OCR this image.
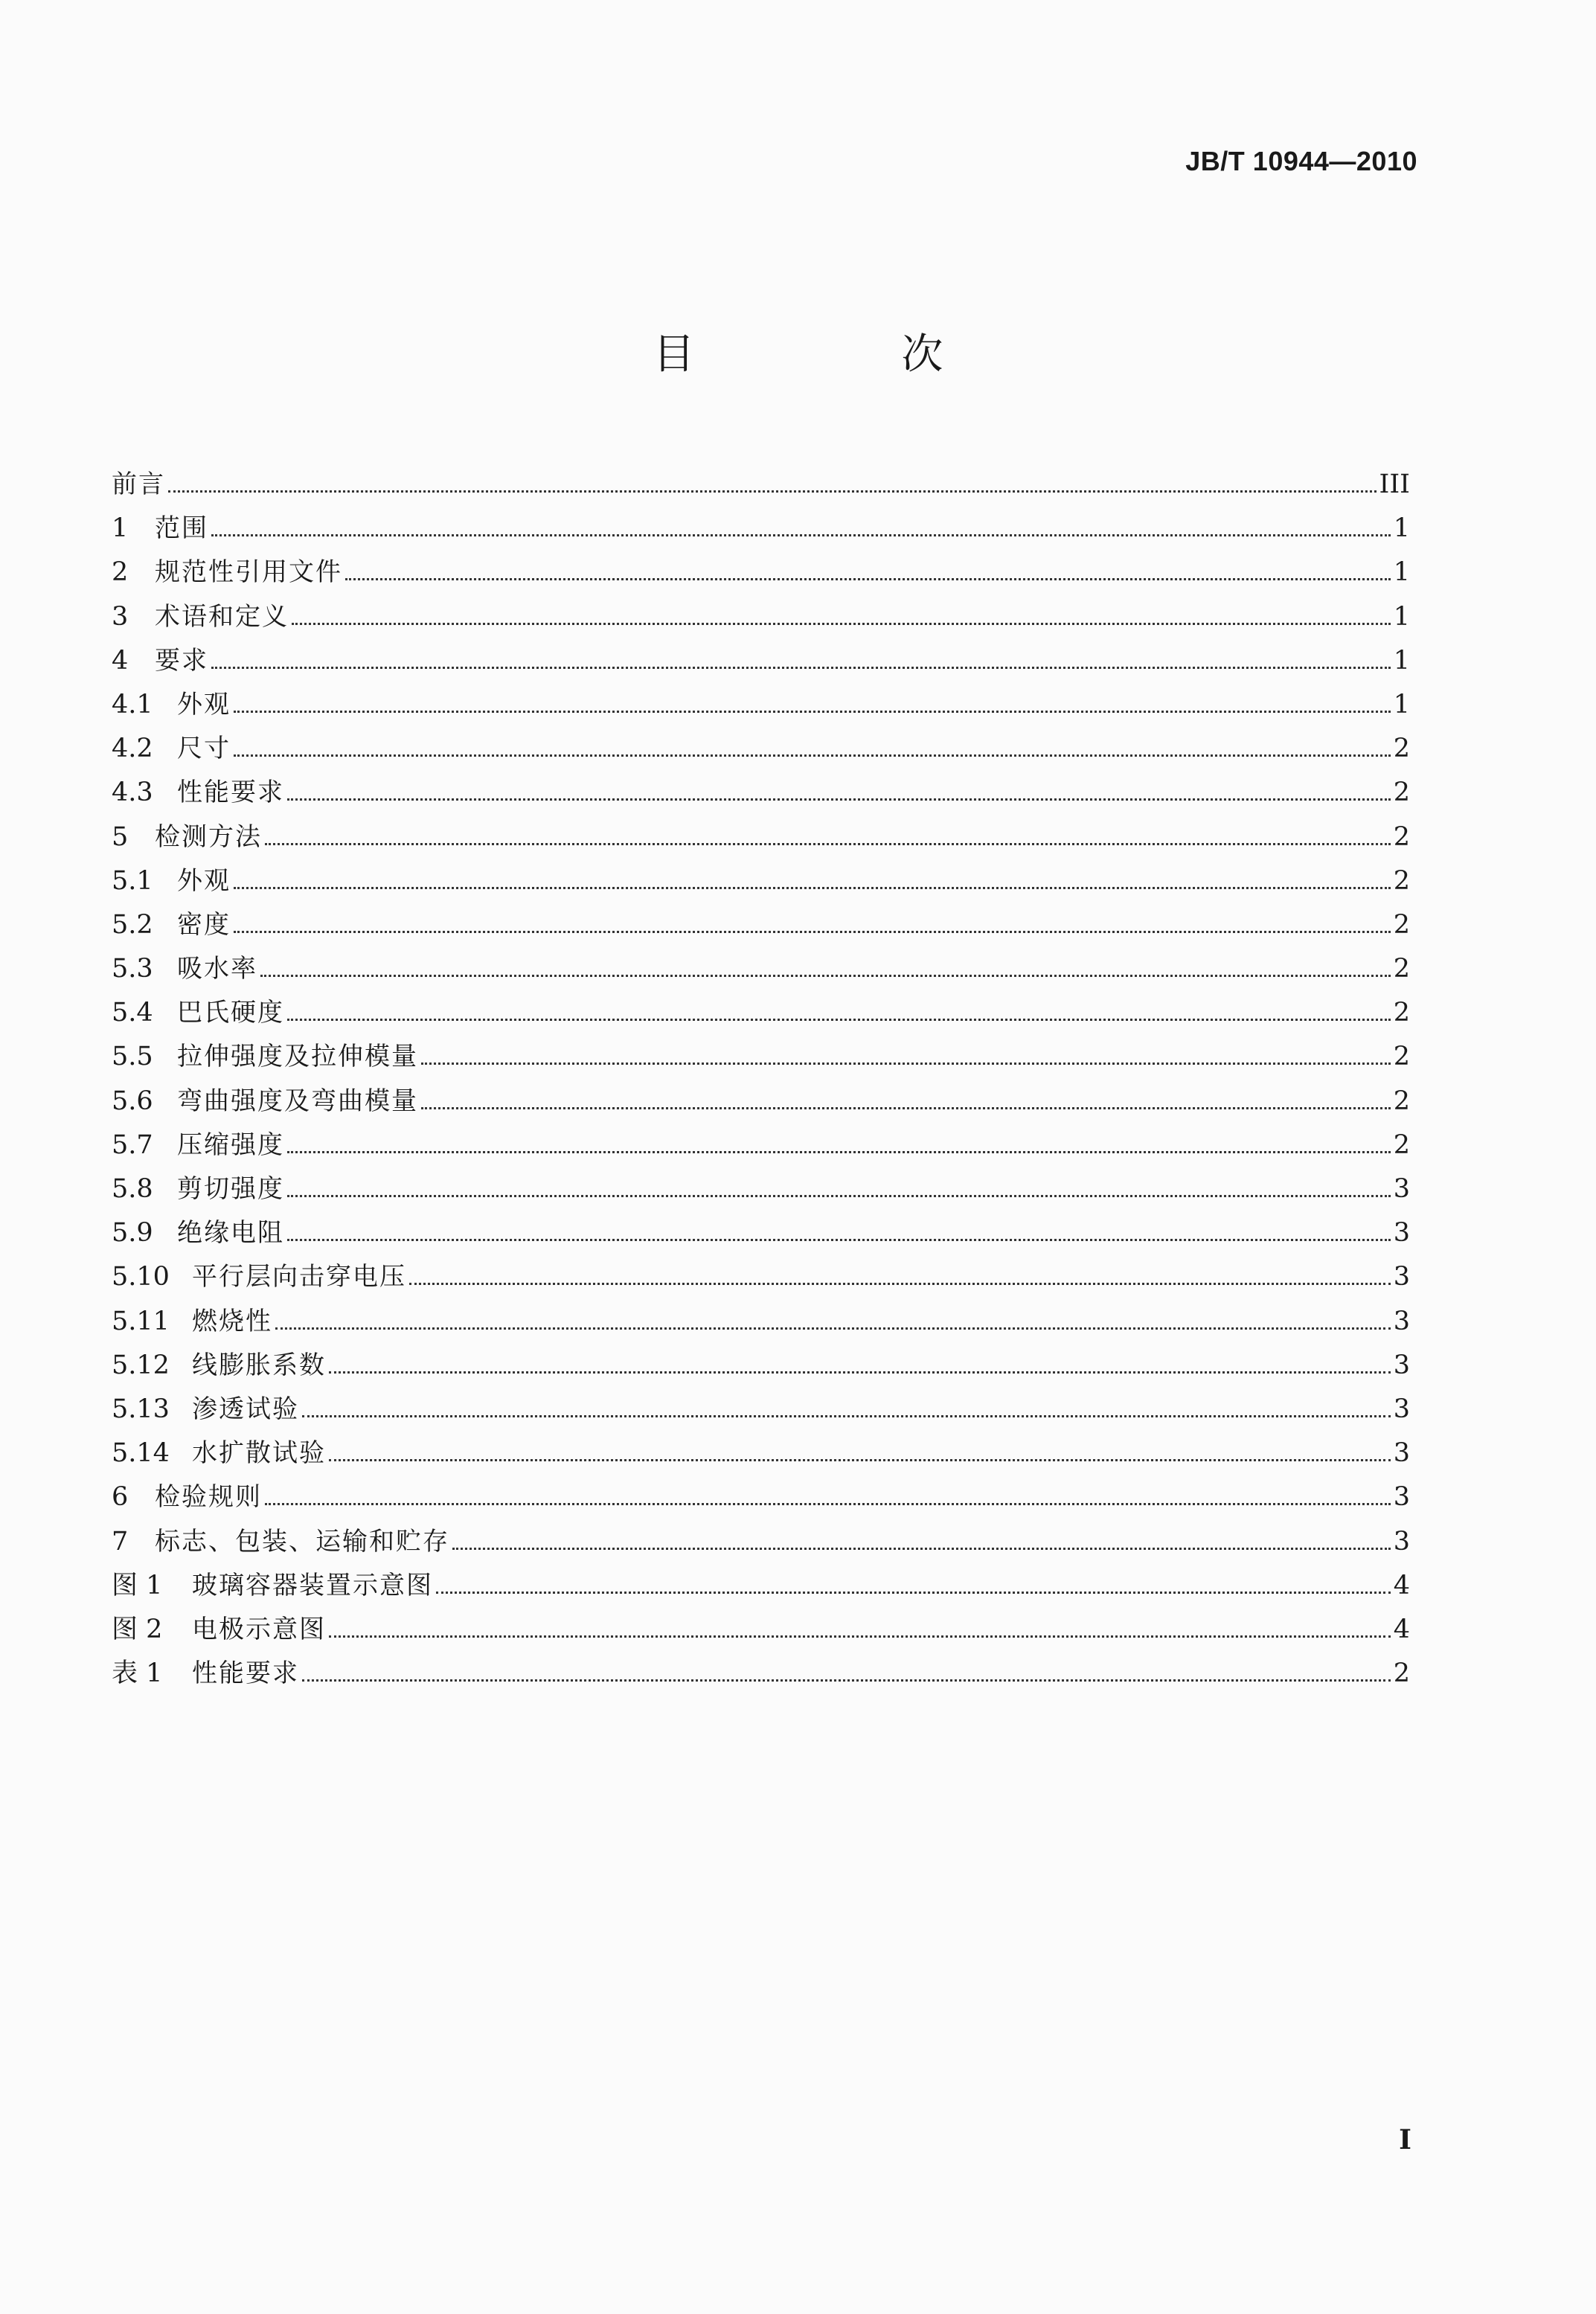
JB/T 10944—2010
目 次
前言	III
1	范围	1
2	规范性引用文件	1
3	术语和定义	1
4	要求	1
4.1 外观	1
4.2 尺寸	2
4.3 性能要求	2
5	检测方法	2
5.1 外观	2
5.2 密度	2
5.3 吸水率	2
5.4 巴氏硬度	2
5.5 拉伸强度及拉伸模量	2
5.6 弯曲强度及弯曲模量	2
5.7 压缩强度	2
5.8 剪切强度	3
5.9 绝缘电阻	3
5.10 平行层向击穿电压	3
5.11 燃烧性	3
5.12 线膨胀系数	3
5.13 渗透试验	3
5.14 水扩散试验	3
6	检验规则	3
7	标志、包装、运输和贮存	3
图 1	玻璃容器装置示意图	4
图 2	电极示意图	4
表 1	性能要求	2
I
